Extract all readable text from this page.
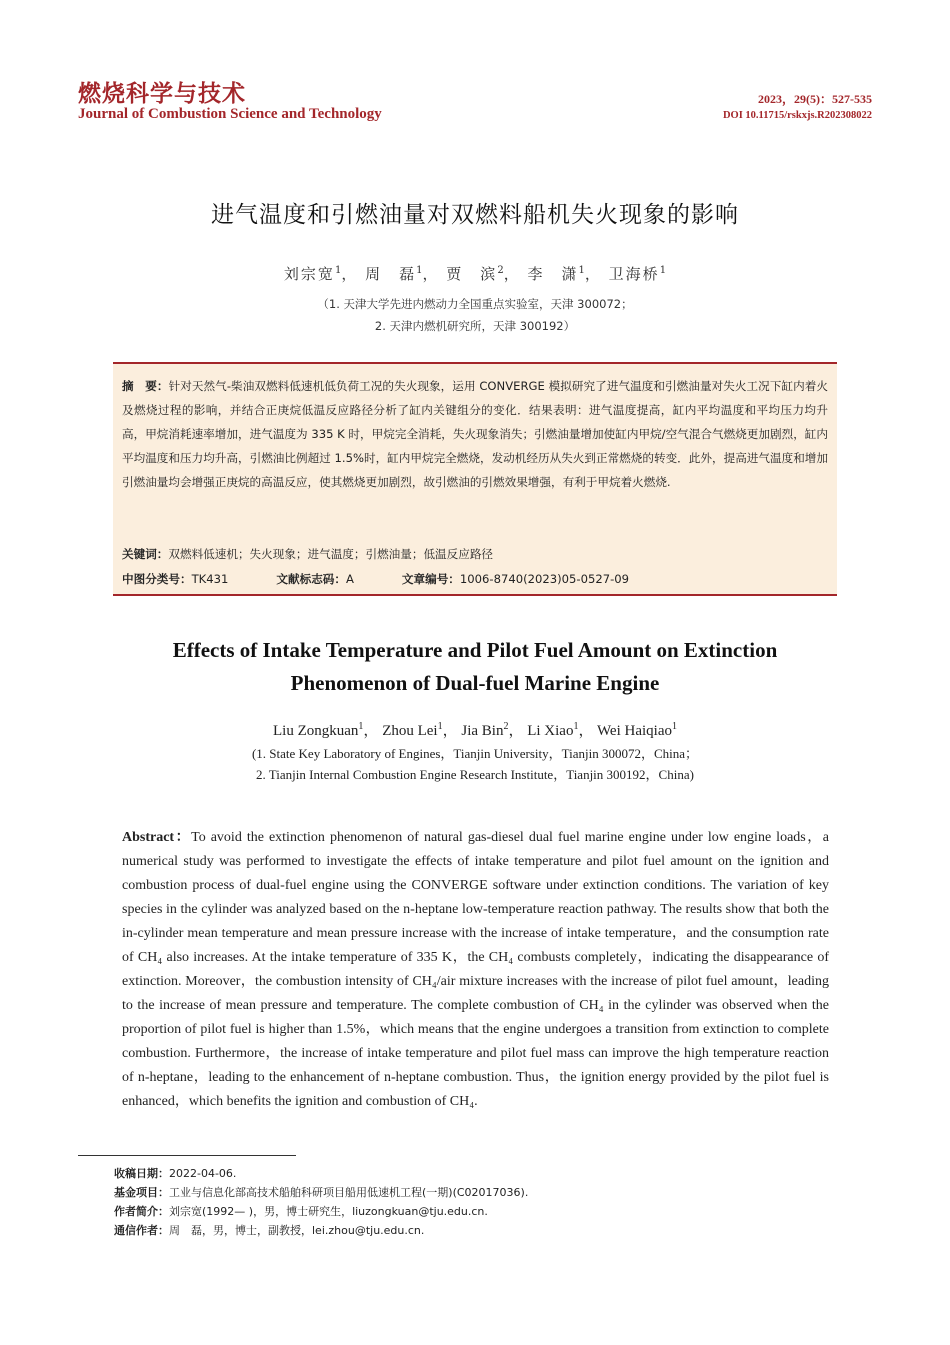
燃烧科学与技术
Journal of Combustion Science and Technology
2023，29(5)：527-535
DOI 10.11715/rskxjs.R202308022
进气温度和引燃油量对双燃料船机失火现象的影响
刘宗宽$^1$， 周　磊$^1$， 贾　滨$^2$， 李　潇$^1$， 卫海桥$^1$
（1. 天津大学先进内燃动力全国重点实验室，天津 300072；
2. 天津内燃机研究所，天津 300192）
摘　要：针对天然气-柴油双燃料低速机低负荷工况的失火现象，运用 CONVERGE 模拟研究了进气温度和引燃油量对失火工况下缸内着火及燃烧过程的影响，并结合正庚烷低温反应路径分析了缸内关键组分的变化．结果表明：进气温度提高，缸内平均温度和平均压力均升高，甲烷消耗速率增加，进气温度为 335 K 时，甲烷完全消耗，失火现象消失；引燃油量增加使缸内甲烷/空气混合气燃烧更加剧烈，缸内平均温度和压力均升高，引燃油比例超过 1.5%时，缸内甲烷完全燃烧，发动机经历从失火到正常燃烧的转变．此外，提高进气温度和增加引燃油量均会增强正庚烷的高温反应，使其燃烧更加剧烈，故引燃油的引燃效果增强，有利于甲烷着火燃烧.
关键词：双燃料低速机；失火现象；进气温度；引燃油量；低温反应路径
中图分类号：TK431	文献标志码：A	文章编号：1006-8740(2023)05-0527-09
Effects of Intake Temperature and Pilot Fuel Amount on Extinction
Phenomenon of Dual-fuel Marine Engine
Liu Zongkuan$^1$， Zhou Lei$^1$， Jia Bin$^2$， Li Xiao$^1$， Wei Haiqiao$^1$
(1. State Key Laboratory of Engines，Tianjin University，Tianjin 300072，China；
2. Tianjin Internal Combustion Engine Research Institute，Tianjin 300192，China)
Abstract：To avoid the extinction phenomenon of natural gas-diesel dual fuel marine engine under low engine loads，a numerical study was performed to investigate the effects of intake temperature and pilot fuel amount on the ignition and combustion process of dual-fuel engine using the CONVERGE software under extinction conditions. The variation of key species in the cylinder was analyzed based on the n-heptane low-temperature reaction pathway. The results show that both the in-cylinder mean temperature and mean pressure increase with the increase of intake temperature，and the consumption rate of CH₄ also increases. At the intake temperature of 335 K，the CH₄ combusts completely，indicating the disappearance of extinction. Moreover，the combustion intensity of CH₄/air mixture increases with the increase of pilot fuel amount，leading to the increase of mean pressure and temperature. The complete combustion of CH₄ in the cylinder was observed when the proportion of pilot fuel is higher than 1.5%，which means that the engine undergoes a transition from extinction to complete combustion. Furthermore，the increase of intake temperature and pilot fuel mass can improve the high temperature reaction of n-heptane，leading to the enhancement of n-heptane combustion. Thus，the ignition energy provided by the pilot fuel is enhanced，which benefits the ignition and combustion of CH₄.
收稿日期：2022-04-06.
基金项目：工业与信息化部高技术船舶科研项目船用低速机工程(一期)(C02017036).
作者简介：刘宗宽(1992— )，男，博士研究生，liuzongkuan@tju.edu.cn.
通信作者：周　磊，男，博士，副教授，lei.zhou@tju.edu.cn.
